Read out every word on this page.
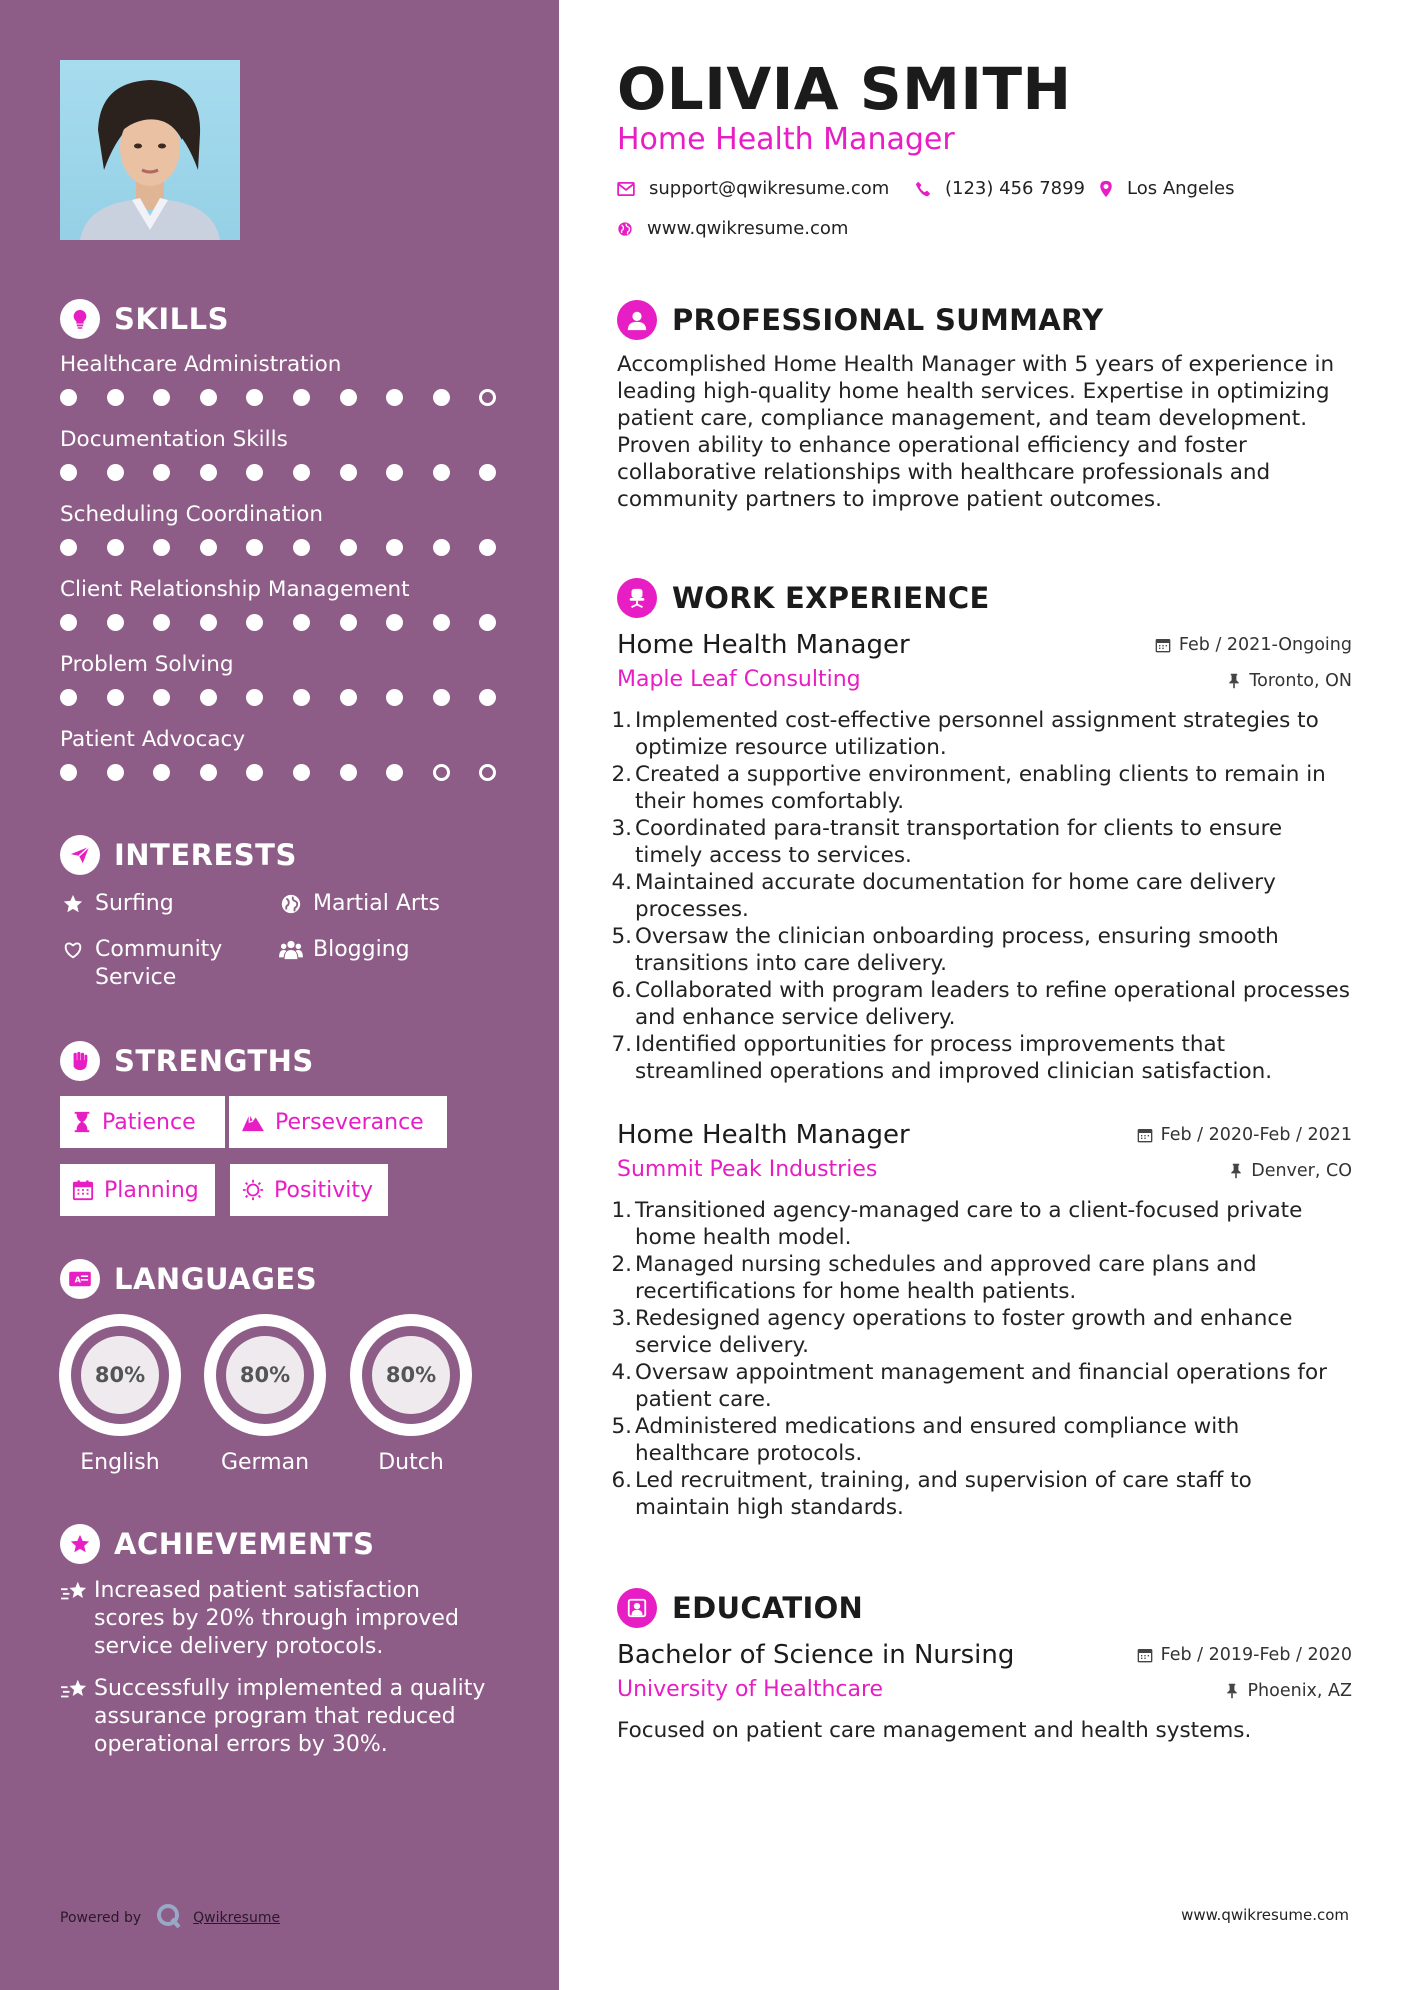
SKILLS
Healthcare Administration
Documentation Skills
Scheduling Coordination
Client Relationship Management
Problem Solving
Patient Advocacy
INTERESTS
Surfing	Martial Arts
Community Service
Blogging
STRENGTHS
Patience	Perseverance
Planning	Positivity
A LANGUAGES
80%
English
80%
German
80%
Dutch
ACHIEVEMENTS
Increased patient satisfaction scores by 20% through improved service delivery protocols.
Successfully implemented a quality assurance program that reduced operational errors by 30%.
Powered by	Qwikresume
OLIVIA SMITH
Home Health Manager
support@qwikresume.com	(123) 456 7899 Los Angeles
www.qwikresume.com
PROFESSIONAL SUMMARY
Accomplished Home Health Manager with 5 years of experience in leading high-quality home health services. Expertise in optimizing patient care, compliance management, and team development. Proven ability to enhance operational efficiency and foster collaborative relationships with healthcare professionals and community partners to improve patient outcomes.
WORK EXPERIENCE
Home Health Manager
Maple Leaf Consulting
Feb / 2021-Ongoing
Toronto, ON
Implemented cost-effective personnel assignment strategies to optimize resource utilization.
Created a supportive environment, enabling clients to remain in their homes comfortably.
Coordinated para-transit transportation for clients to ensure timely access to services.
Maintained accurate documentation for home care delivery processes.
Oversaw the clinician onboarding process, ensuring smooth transitions into care delivery.
Collaborated with program leaders to refine operational processes and enhance service delivery.
Identified opportunities for process improvements that streamlined operations and improved clinician satisfaction.
Home Health Manager
Summit Peak Industries
Feb / 2020-Feb / 2021
Denver, CO
Transitioned agency-managed care to a client-focused private home health model.
Managed nursing schedules and approved care plans and recertifications for home health patients.
Redesigned agency operations to foster growth and enhance service delivery.
Oversaw appointment management and financial operations for patient care.
Administered medications and ensured compliance with healthcare protocols.
Led recruitment, training, and supervision of care staff to maintain high standards.
EDUCATION
Bachelor of Science in Nursing
University of Healthcare
Feb / 2019-Feb / 2020
Phoenix, AZ
Focused on patient care management and health systems.
www.qwikresume.com
